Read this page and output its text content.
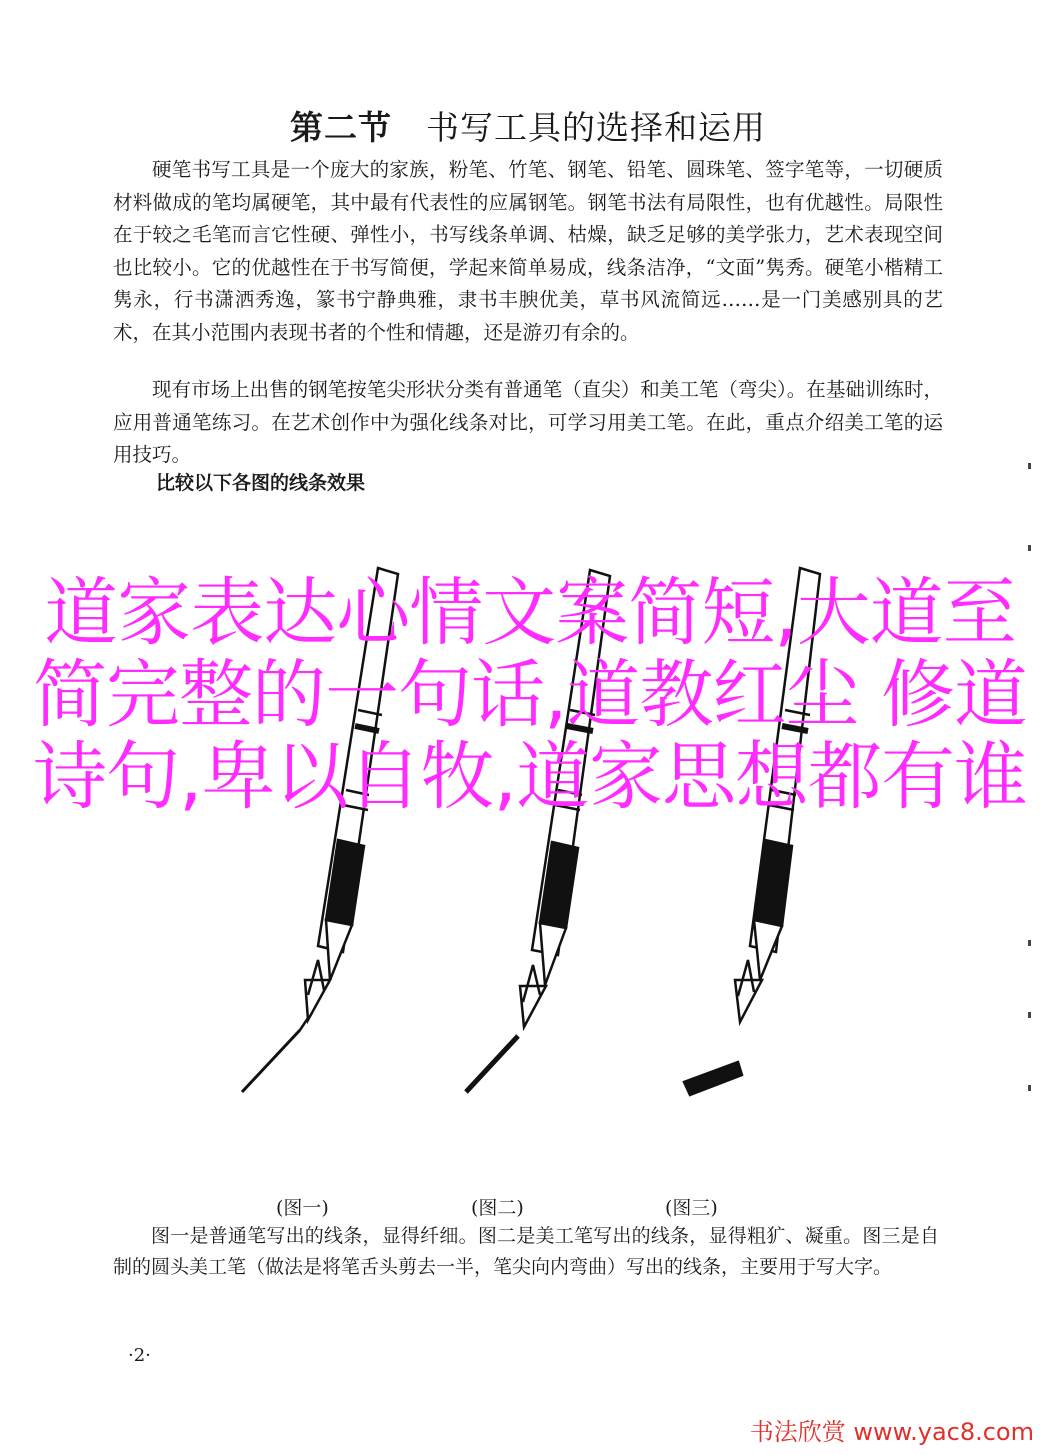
第二节 书写工具的选择和运用

硬笔书写工具是一个庞大的家族，粉笔、竹笔、钢笔、铅笔、圆珠笔、签字笔等，一切硬质材料做成的笔均属硬笔，其中最有代表性的应属钢笔。钢笔书法有局限性，也有优越性。局限性在于较之毛笔而言它性硬、弹性小，书写线条单调、枯燥，缺乏足够的美学张力，艺术表现空间也比较小。它的优越性在于书写简便，学起来简单易成，线条洁净，“文面”隽秀。硬笔小楷精工隽永，行书潇洒秀逸，篆书宁静典雅，隶书丰腴优美，草书风流简远……是一门美感别具的艺术，在其小范围内表现书者的个性和情趣，还是游刃有余的。

现有市场上出售的钢笔按笔尖形状分类有普通笔（直尖）和美工笔（弯尖）。在基础训练时，应用普通笔练习。在艺术创作中为强化线条对比，可学习用美工笔。在此，重点介绍美工笔的运用技巧。

比较以下各图的线条效果
道家表达心情文案简短,大道至简完整的一句话,道教红尘 修道 诗句,卑以自牧,道家思想都有谁
(图一)	(图二)	(图三)

图一是普通笔写出的线条，显得纤细。图二是美工笔写出的线条，显得粗犷、凝重。图三是自制的圆头美工笔（做法是将笔舌头剪去一半，笔尖向内弯曲）写出的线条，主要用于写大字。

·2·
书法欣赏 www.yac8.com
